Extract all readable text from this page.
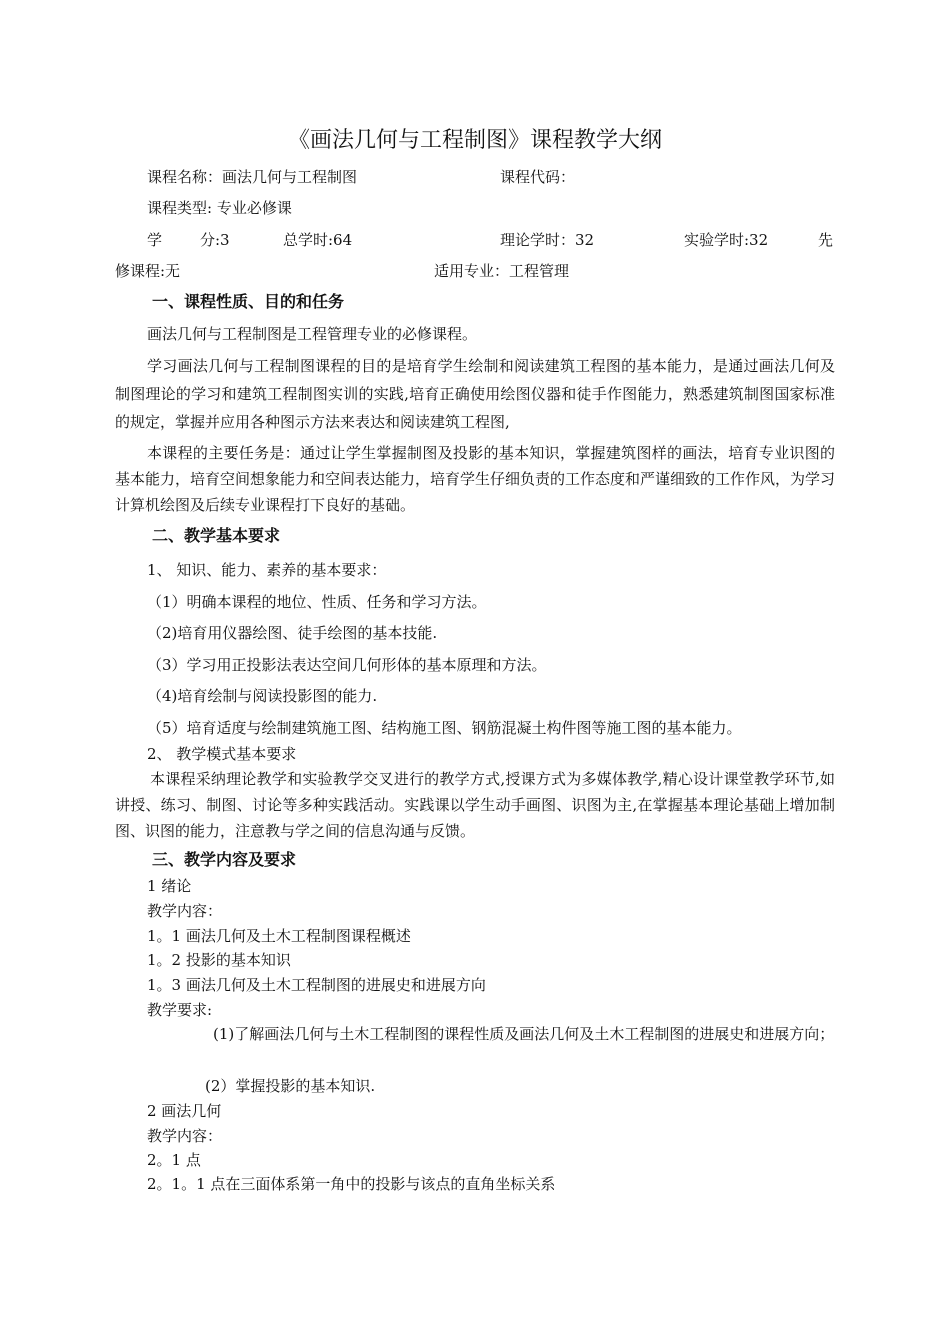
《画法几何与工程制图》课程教学大纲
课程名称：画法几何与工程制图	课程代码：
课程类型: 专业必修课
学	分:3	总学时:64	理论学时：32	实验学时:32	先
修课程:无	适用专业：工程管理
一、课程性质、目的和任务
画法几何与工程制图是工程管理专业的必修课程。
学习画法几何与工程制图课程的目的是培育学生绘制和阅读建筑工程图的基本能力，是通过画法几何及制图理论的学习和建筑工程制图实训的实践,培育正确使用绘图仪器和徒手作图能力，熟悉建筑制图国家标准的规定，掌握并应用各种图示方法来表达和阅读建筑工程图,
本课程的主要任务是：通过让学生掌握制图及投影的基本知识，掌握建筑图样的画法，培育专业识图的基本能力，培育空间想象能力和空间表达能力，培育学生仔细负责的工作态度和严谨细致的工作作风，为学习计算机绘图及后续专业课程打下良好的基础。
二、教学基本要求
1、 知识、能力、素养的基本要求：
（1）明确本课程的地位、性质、任务和学习方法。
（2)培育用仪器绘图、徒手绘图的基本技能.
（3）学习用正投影法表达空间几何形体的基本原理和方法。
（4)培育绘制与阅读投影图的能力.
（5）培育适度与绘制建筑施工图、结构施工图、钢筋混凝土构件图等施工图的基本能力。
2、 教学模式基本要求
本课程采纳理论教学和实验教学交叉进行的教学方式,授课方式为多媒体教学,精心设计课堂教学环节,如讲授、练习、制图、讨论等多种实践活动。实践课以学生动手画图、识图为主,在掌握基本理论基础上增加制图、识图的能力，注意教与学之间的信息沟通与反馈。
三、教学内容及要求
1 绪论
教学内容：
1。1 画法几何及土木工程制图课程概述
1。2 投影的基本知识
1。3 画法几何及土木工程制图的进展史和进展方向
教学要求:
(1)了解画法几何与土木工程制图的课程性质及画法几何及土木工程制图的进展史和进展方向；
(2）掌握投影的基本知识.
2 画法几何
教学内容：
2。1 点
2。1。1 点在三面体系第一角中的投影与该点的直角坐标关系
